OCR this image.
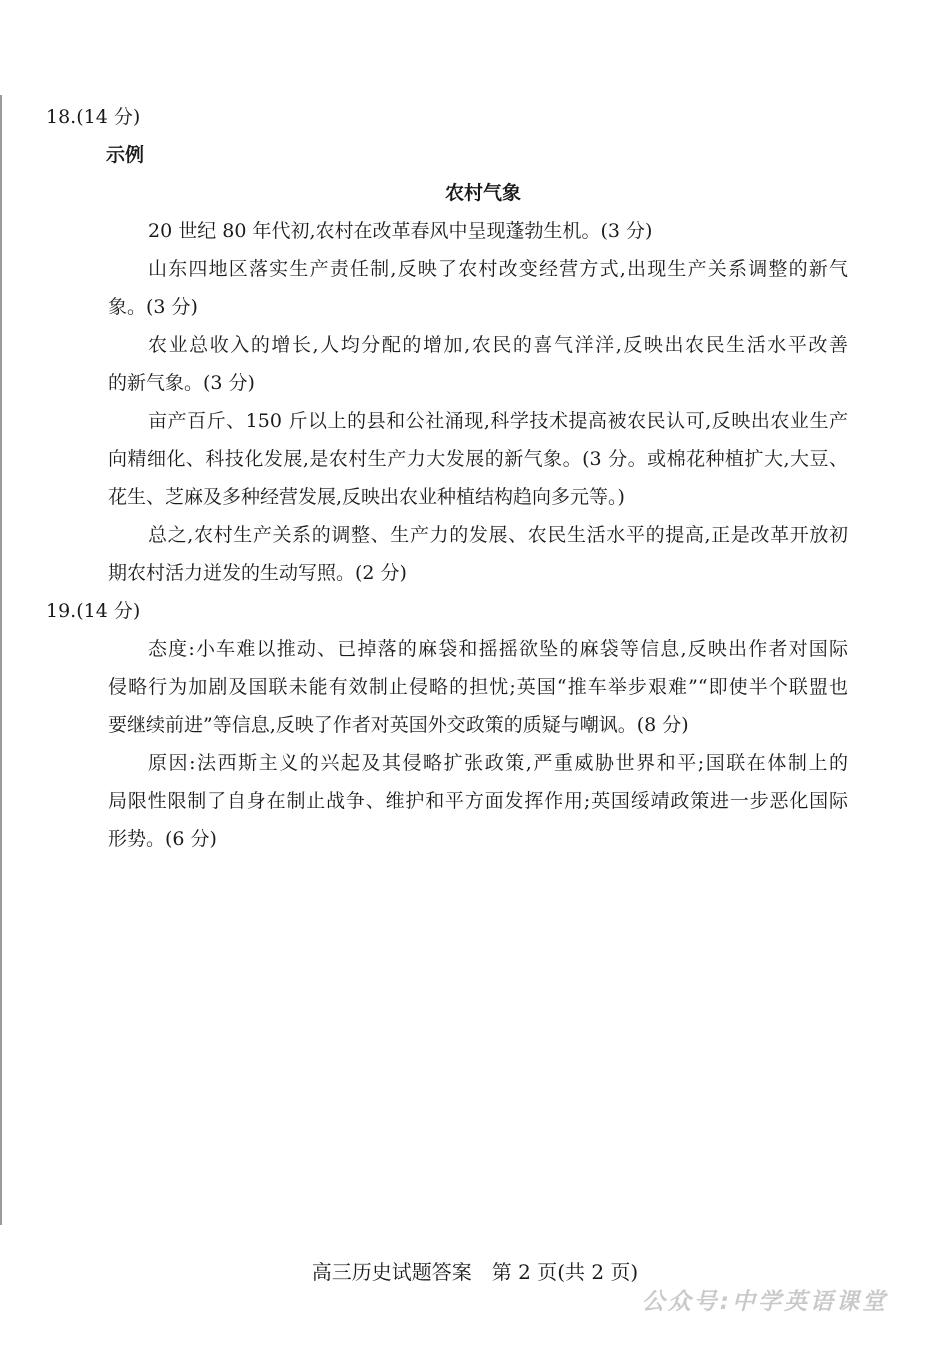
18.(14 分)

示例

农村气象

20 世纪 80 年代初,农村在改革春风中呈现蓬勃生机。(3 分)

山东四地区落实生产责任制,反映了农村改变经营方式,出现生产关系调整的新气

象。(3 分)

农业总收入的增长,人均分配的增加,农民的喜气洋洋,反映出农民生活水平改善

的新气象。(3 分)

亩产百斤、150 斤以上的县和公社涌现,科学技术提高被农民认可,反映出农业生产

向精细化、科技化发展,是农村生产力大发展的新气象。(3 分。或棉花种植扩大,大豆、

花生、芝麻及多种经营发展,反映出农业种植结构趋向多元等。)

总之,农村生产关系的调整、生产力的发展、农民生活水平的提高,正是改革开放初

期农村活力迸发的生动写照。(2 分)

19.(14 分)

态度:小车难以推动、已掉落的麻袋和摇摇欲坠的麻袋等信息,反映出作者对国际

侵略行为加剧及国联未能有效制止侵略的担忧;英国“推车举步艰难”“即使半个联盟也

要继续前进”等信息,反映了作者对英国外交政策的质疑与嘲讽。(8 分)

原因:法西斯主义的兴起及其侵略扩张政策,严重威胁世界和平;国联在体制上的

局限性限制了自身在制止战争、维护和平方面发挥作用;英国绥靖政策进一步恶化国际

形势。(6 分)

高三历史试题答案　第 2 页(共 2 页)
公众号:中学英语课堂
